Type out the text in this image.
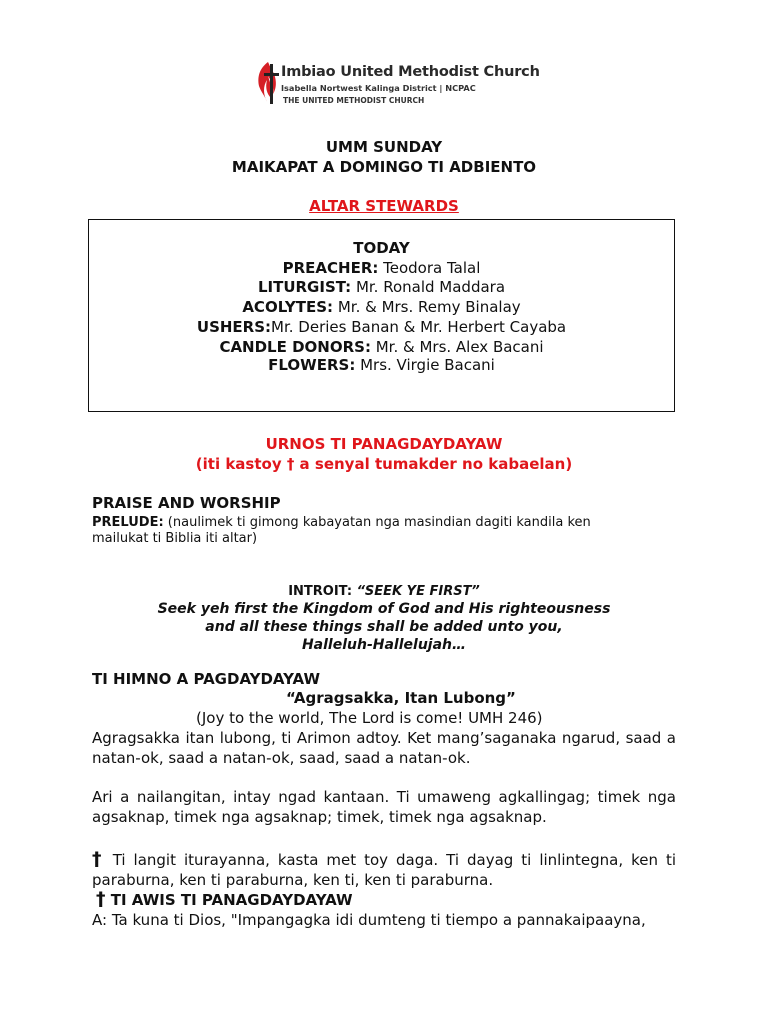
Imbiao United Methodist Church
Isabella Nortwest Kalinga District | NCPAC
THE UNITED METHODIST CHURCH
UMM SUNDAY
MAIKAPAT A DOMINGO TI ADBIENTO
ALTAR STEWARDS
TODAY
PREACHER: Teodora Talal
LITURGIST: Mr. Ronald Maddara
ACOLYTES: Mr. & Mrs. Remy Binalay
USHERS:Mr. Deries Banan & Mr. Herbert Cayaba
CANDLE DONORS: Mr. & Mrs. Alex Bacani
FLOWERS: Mrs. Virgie Bacani
URNOS TI PANAGDAYDAYAW
(iti kastoy † a senyal tumakder no kabaelan)
PRAISE AND WORSHIP
PRELUDE: (naulimek ti gimong kabayatan nga masindian dagiti kandila ken
mailukat ti Biblia iti altar)
INTROIT: “SEEK YE FIRST”
Seek yeh first the Kingdom of God and His righteousness
and all these things shall be added unto you,
Halleluh-Hallelujah…
TI HIMNO A PAGDAYDAYAW
“Agragsakka, Itan Lubong”
(Joy to the world, The Lord is come! UMH 246)
Agragsakka itan lubong, ti Arimon adtoy. Ket mang’saganaka ngarud, saad a natan-ok, saad a natan-ok, saad, saad a natan-ok.
Ari a nailangitan, intay ngad kantaan. Ti umaweng agkallingag; timek nga agsaknap, timek nga agsaknap; timek, timek nga agsaknap.
† Ti langit iturayanna, kasta met toy daga. Ti dayag ti linlintegna, ken ti paraburna, ken ti paraburna, ken ti, ken ti paraburna.
† TI AWIS TI PANAGDAYDAYAW
A: Ta kuna ti Dios, "Impangagka idi dumteng ti tiempo a pannakaipaayna,
